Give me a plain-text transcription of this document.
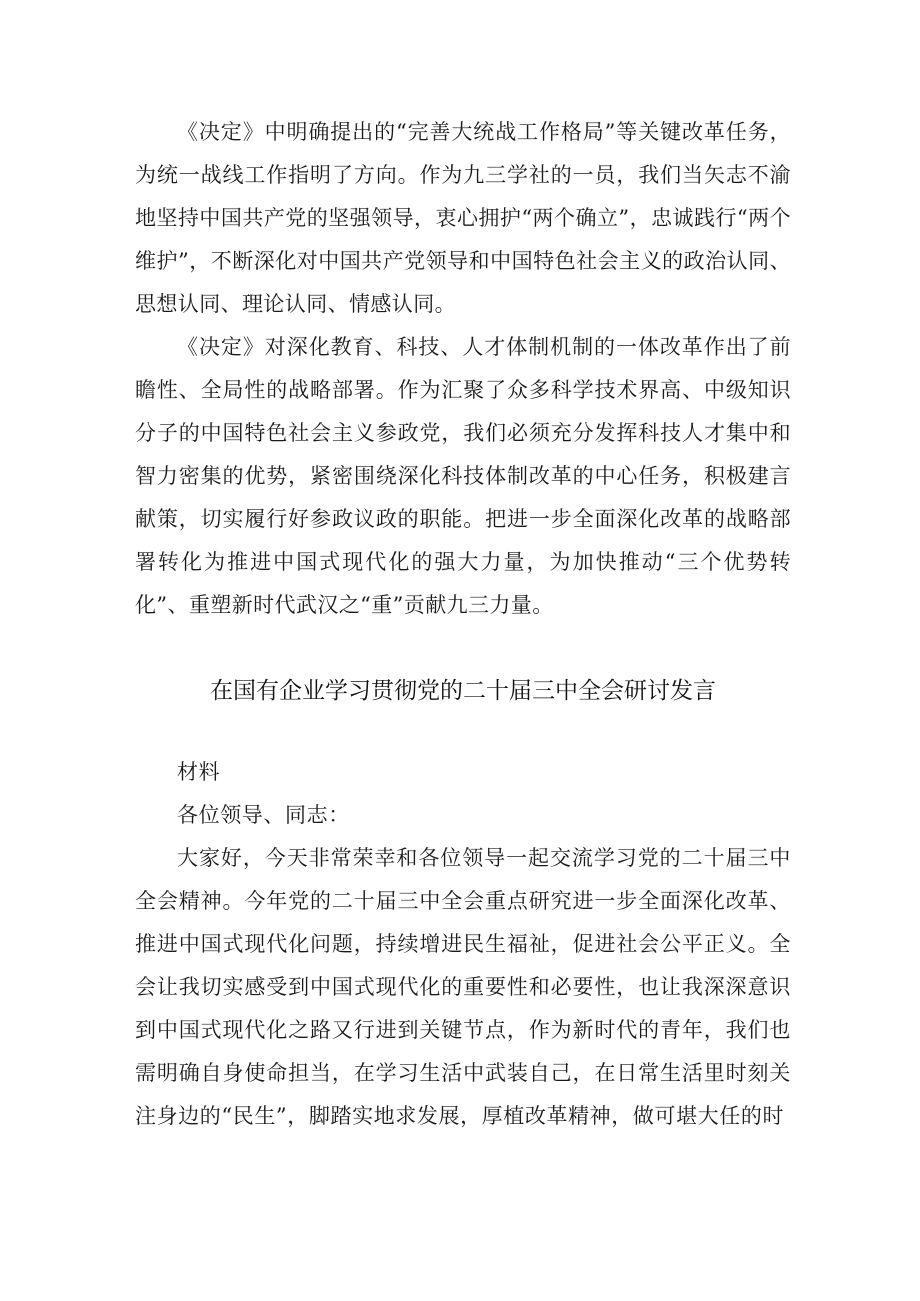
《决定》中明确提出的“完善大统战工作格局”等关键改革任务，为统一战线工作指明了方向。作为九三学社的一员，我们当矢志不渝地坚持中国共产党的坚强领导，衷心拥护“两个确立”，忠诚践行“两个维护”，不断深化对中国共产党领导和中国特色社会主义的政治认同、思想认同、理论认同、情感认同。

《决定》对深化教育、科技、人才体制机制的一体改革作出了前瞻性、全局性的战略部署。作为汇聚了众多科学技术界高、中级知识分子的中国特色社会主义参政党，我们必须充分发挥科技人才集中和智力密集的优势，紧密围绕深化科技体制改革的中心任务，积极建言献策，切实履行好参政议政的职能。把进一步全面深化改革的战略部署转化为推进中国式现代化的强大力量，为加快推动“三个优势转化”、重塑新时代武汉之“重”贡献九三力量。

在国有企业学习贯彻党的二十届三中全会研讨发言

材料

各位领导、同志：

大家好，今天非常荣幸和各位领导一起交流学习党的二十届三中全会精神。今年党的二十届三中全会重点研究进一步全面深化改革、推进中国式现代化问题，持续增进民生福祉，促进社会公平正义。全会让我切实感受到中国式现代化的重要性和必要性，也让我深深意识到中国式现代化之路又行进到关键节点，作为新时代的青年，我们也需明确自身使命担当，在学习生活中武装自己，在日常生活里时刻关注身边的“民生”，脚踏实地求发展，厚植改革精神，做可堪大任的时
